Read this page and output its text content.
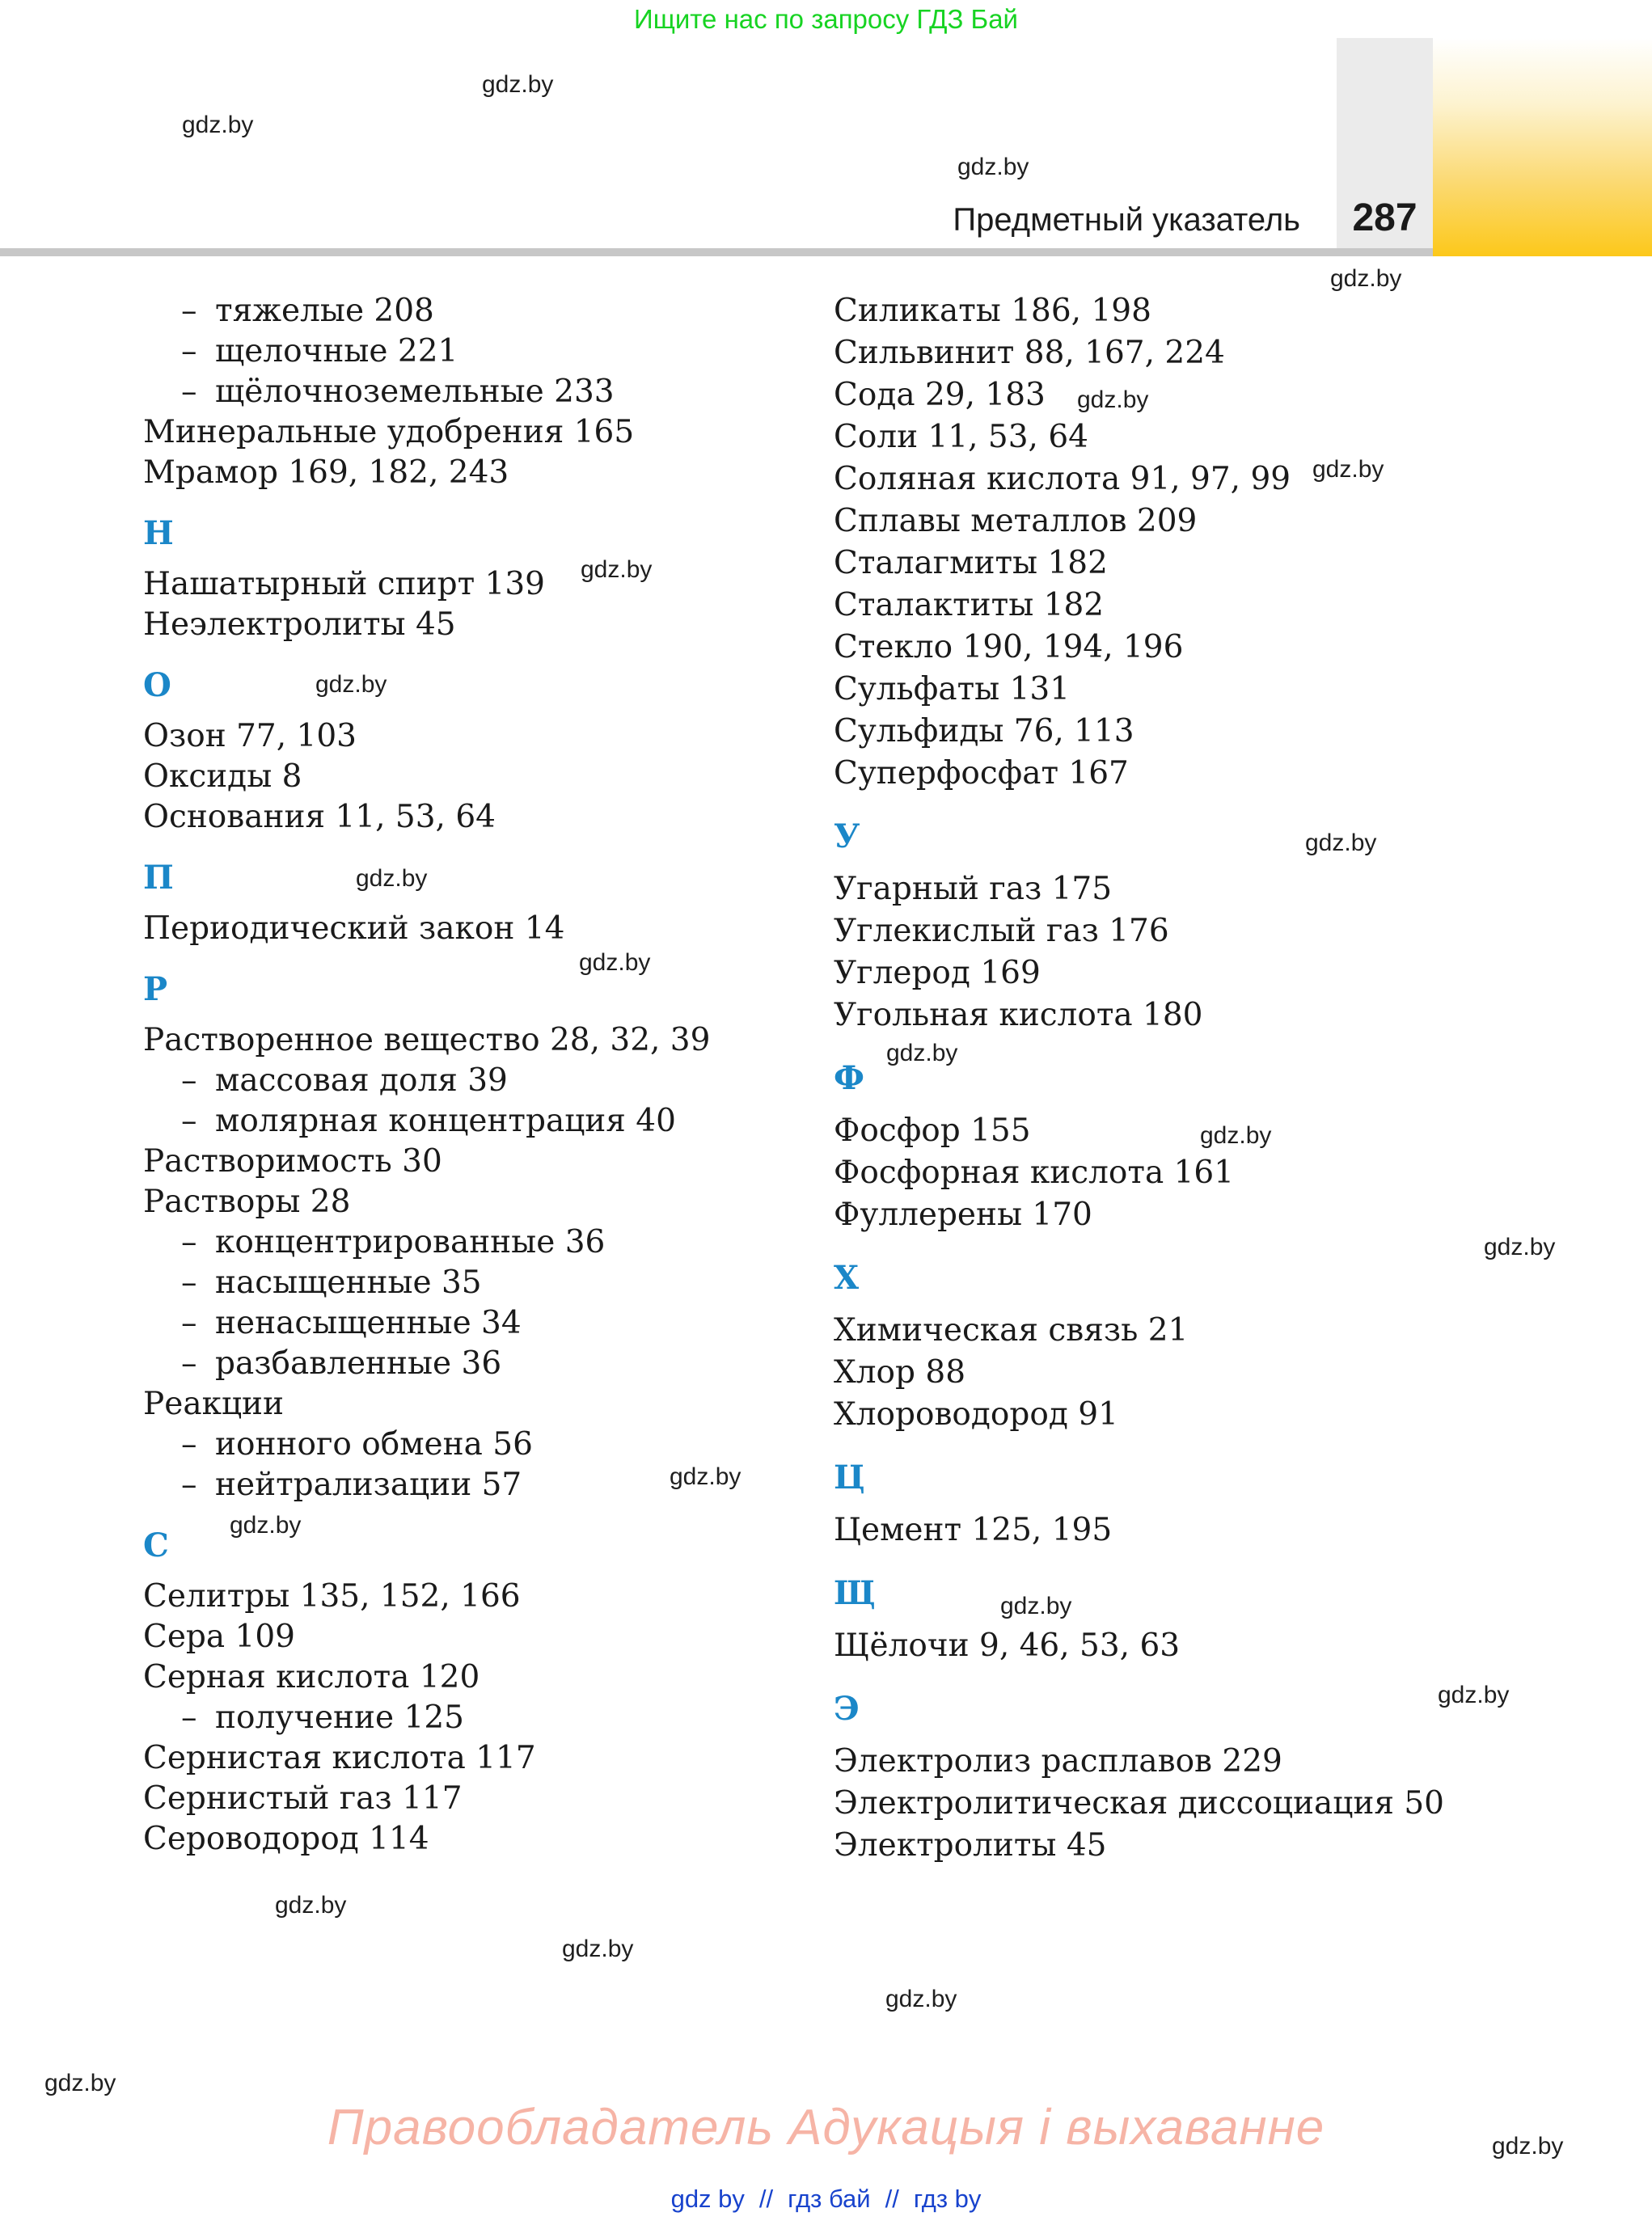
Ищите нас по запросу ГДЗ Бай
Предметный указатель 287
– тяжелые 208
– щелочные 221
– щёлочноземельные 233
Минеральные удобрения 165
Мрамор 169, 182, 243
Н
Нашатырный спирт 139
Неэлектролиты 45
О
Озон 77, 103
Оксиды 8
Основания 11, 53, 64
П
Периодический закон 14
Р
Растворенное вещество 28, 32, 39
– массовая доля 39
– молярная концентрация 40
Растворимость 30
Растворы 28
– концентрированные 36
– насыщенные 35
– ненасыщенные 34
– разбавленные 36
Реакции
– ионного обмена 56
– нейтрализации 57
С
Селитры 135, 152, 166
Сера 109
Серная кислота 120
– получение 125
Сернистая кислота 117
Сернистый газ 117
Сероводород 114
Силикаты 186, 198
Сильвинит 88, 167, 224
Сода 29, 183
Соли 11, 53, 64
Соляная кислота 91, 97, 99
Сплавы металлов 209
Сталагмиты 182
Сталактиты 182
Стекло 190, 194, 196
Сульфаты 131
Сульфиды 76, 113
Суперфосфат 167
У
Угарный газ 175
Углекислый газ 176
Углерод 169
Угольная кислота 180
Ф
Фосфор 155
Фосфорная кислота 161
Фуллерены 170
Х
Химическая связь 21
Хлор 88
Хлороводород 91
Ц
Цемент 125, 195
Щ
Щёлочи 9, 46, 53, 63
Э
Электролиз расплавов 229
Электролитическая диссоциация 50
Электролиты 45
gdz.by
gdz.by
gdz.by
gdz.by
gdz.by
gdz.by
gdz.by
gdz.by
gdz.by
gdz.by
gdz.by
gdz.by
gdz.by
gdz.by
gdz.by
gdz.by
gdz.by
gdz.by
gdz.by
gdz.by
gdz.by
gdz.by
gdz.by
Правообладатель Адукацыя і выхаванне
gdz by // гдз бай // гдз by
